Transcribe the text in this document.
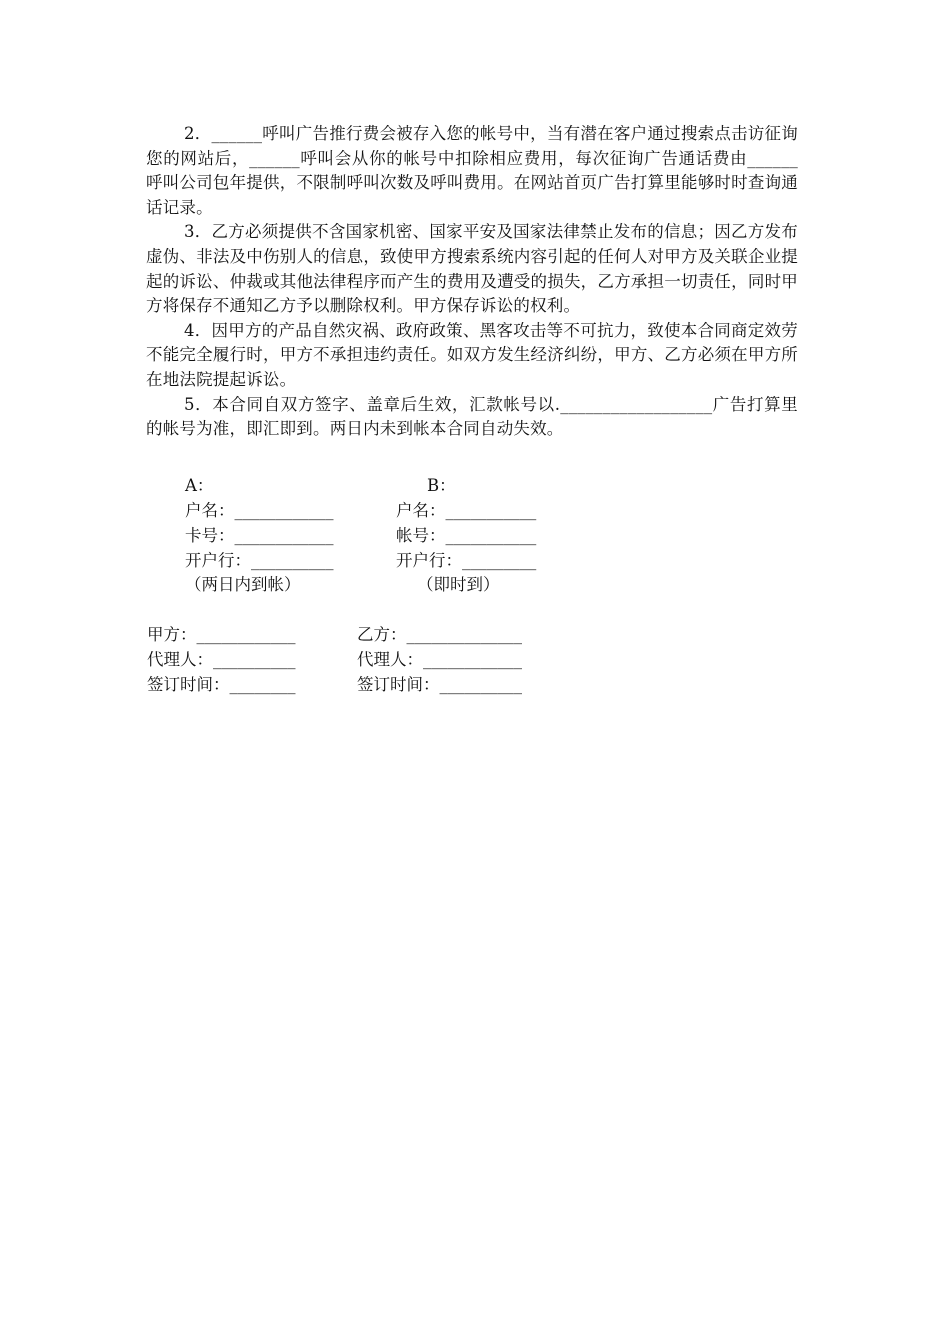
2．______呼叫广告推行费会被存入您的帐号中，当有潜在客户通过搜索点击访征询您的网站后，______呼叫会从你的帐号中扣除相应费用，每次征询广告通话费由______呼叫公司包年提供，不限制呼叫次数及呼叫费用。在网站首页广告打算里能够时时查询通话记录。

3．乙方必须提供不含国家机密、国家平安及国家法律禁止发布的信息；因乙方发布虚伪、非法及中伤别人的信息，致使甲方搜索系统内容引起的任何人对甲方及关联企业提起的诉讼、仲裁或其他法律程序而产生的费用及遭受的损失，乙方承担一切责任，同时甲方将保存不通知乙方予以删除权利。甲方保存诉讼的权利。

4．因甲方的产品自然灾祸、政府政策、黑客攻击等不可抗力，致使本合同商定效劳不能完全履行时，甲方不承担违约责任。如双方发生经济纠纷，甲方、乙方必须在甲方所在地法院提起诉讼。

5．本合同自双方签字、盖章后生效，汇款帐号以.__________________广告打算里的帐号为准，即汇即到。两日内未到帐本合同自动失效。

A：	B：
户名：____________	户名：___________
卡号：____________	帐号：___________
开户行：__________	开户行：_________
（两日内到帐）	（即时到）
甲方：____________	乙方：______________
代理人：__________	代理人：____________
签订时间：________	签订时间：__________
